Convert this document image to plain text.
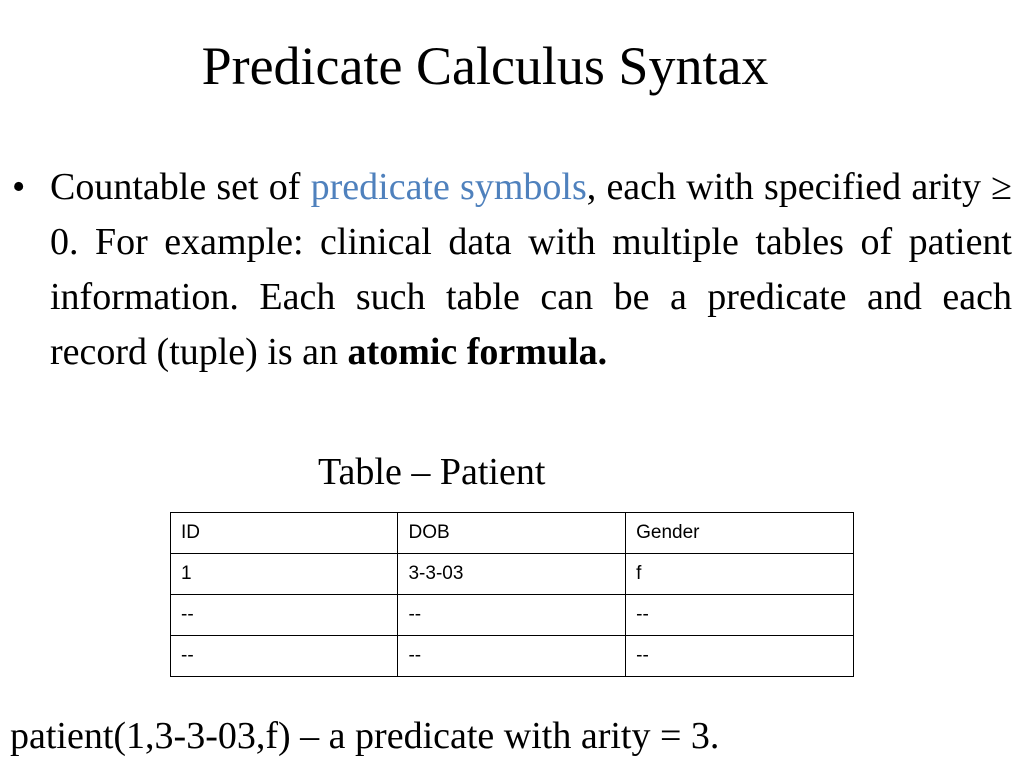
Predicate Calculus Syntax
• Countable set of predicate symbols, each with specified arity ≥ 0. For example: clinical data with multiple tables of patient information. Each such table can be a predicate and each record (tuple) is an atomic formula.
Table – Patient
ID	DOB	Gender
1	3-3-03	f
--	--	--
--	--	--
patient(1,3-3-03,f) – a predicate with arity = 3.
